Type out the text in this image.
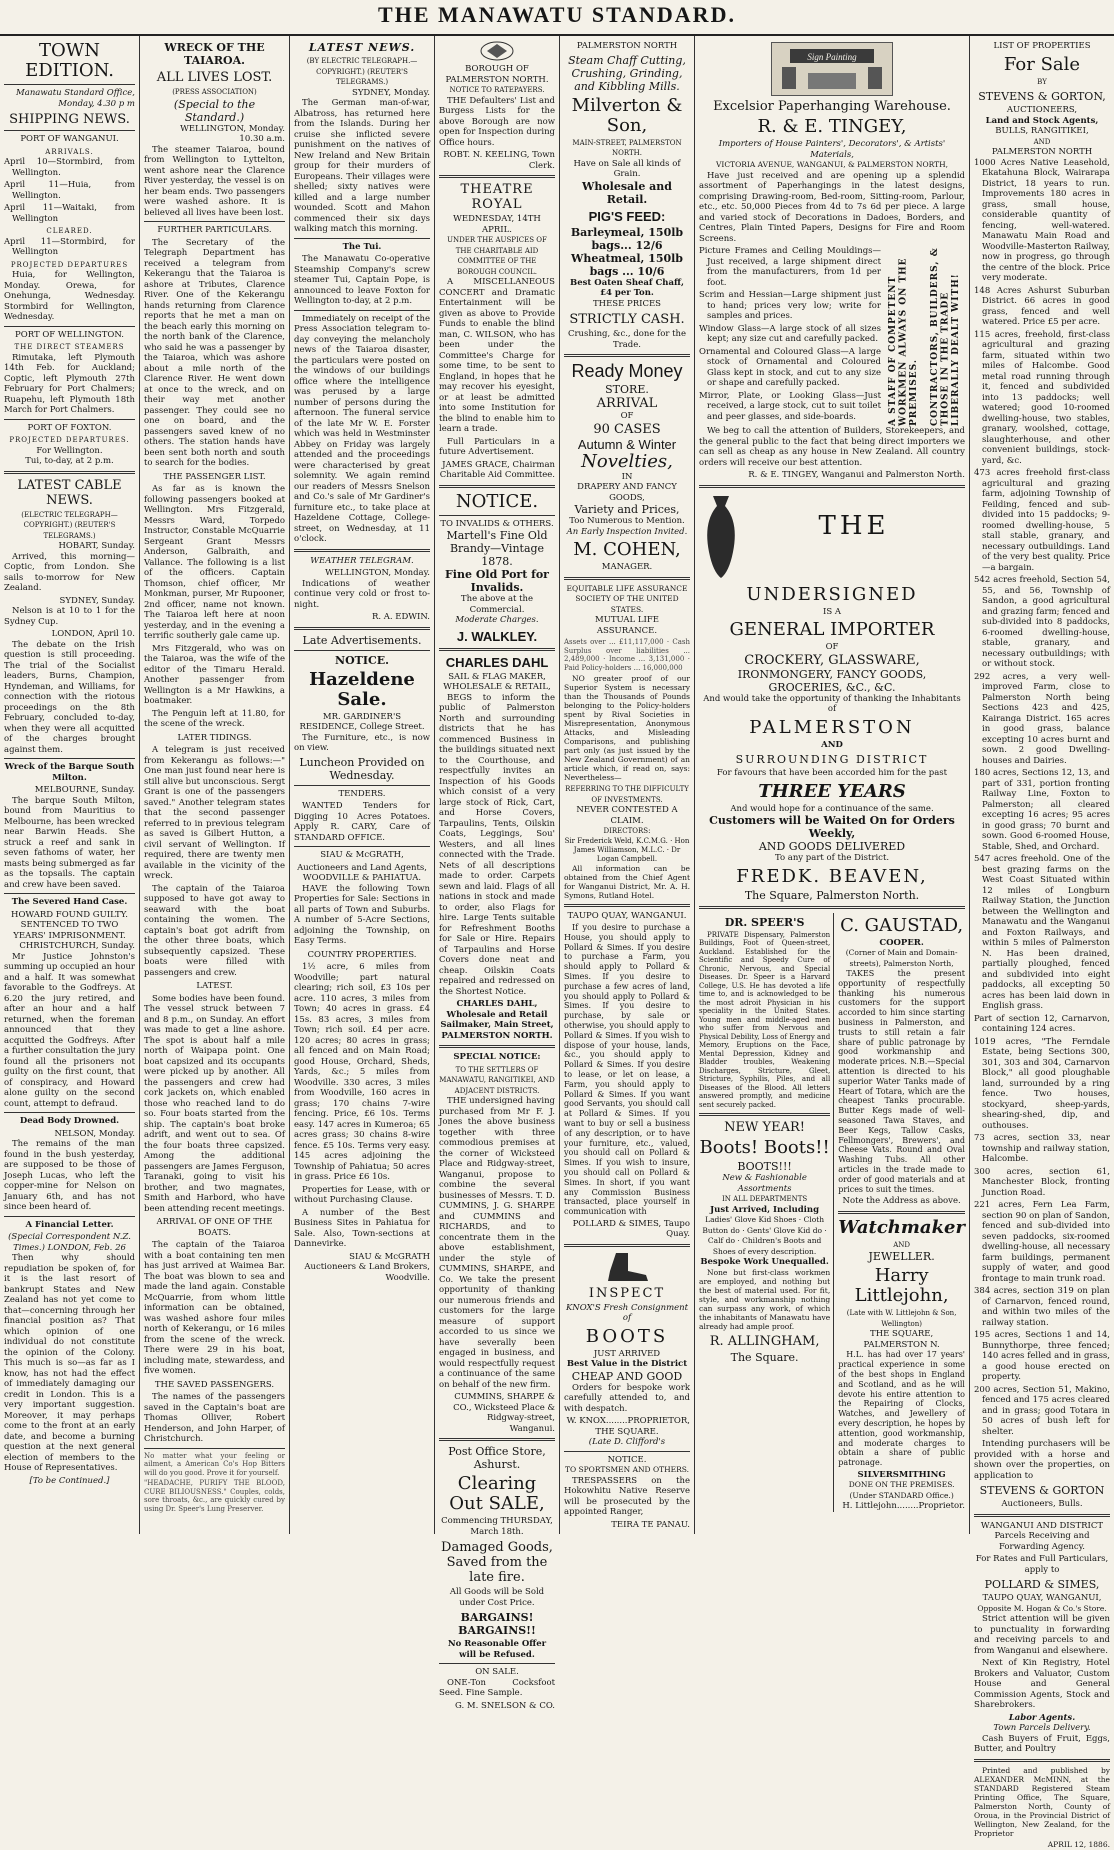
THE MANAWATU STANDARD.
TOWN EDITION.
Manawatu Standard Office,
Monday, 4.30 p m
SHIPPING NEWS.
PORT OF WANGANUI.
ARRIVALS.
April 10—Stormbird, from Wellington.
April 11—Huia, from Wellington.
April 11—Waitaki, from Wellington
CLEARED.
April 11—Stormbird, for Wellington
PROJECTED DEPARTURES
Huia, for Wellington, Monday. Orewa, for Onehunga, Wednesday. Stormbird for Wellington, Wednesday.
PORT OF WELLINGTON.
THE DIRECT STEAMERS
Rimutaka, left Plymouth 14th Feb. for Auckland; Coptic, left Plymouth 27th February for Port Chalmers; Ruapehu, left Plymouth 18th March for Port Chalmers.
PORT OF FOXTON.
PROJECTED DEPARTURES.
For Wellington.
Tui, to-day, at 2 p.m.
LATEST CABLE NEWS.
(ELECTRIC TELEGRAPH—COPYRIGHT.) (REUTER'S TELEGRAMS.)
HOBART, Sunday.
Arrived, this morning—Coptic, from London. She sails to-morrow for New Zealand.
SYDNEY, Sunday.
Nelson is at 10 to 1 for the Sydney Cup.
LONDON, April 10.
The debate on the Irish question is still proceeding. The trial of the Socialist leaders, Burns, Champion, Hyndeman, and Williams, for connection with the riotous proceedings on the 8th February, concluded to-day, when they were all acquitted of the charges brought against them.
Wreck of the Barque South Milton.
MELBOURNE, Sunday.
The barque South Milton, bound from Mauritius to Melbourne, has been wrecked near Barwin Heads. She struck a reef and sank in seven fathoms of water, her masts being submerged as far as the topsails. The captain and crew have been saved.
The Severed Hand Case.
HOWARD FOUND GUILTY.
SENTENCED TO TWO YEARS' IMPRISONMENT.
CHRISTCHURCH, Sunday.
Mr Justice Johnston's summing up occupied an hour and a half. It was somewhat favorable to the Godfreys. At 6.20 the jury retired, and after an hour and a half returned, when the foreman announced that they acquitted the Godfreys. After a further consultation the jury found all the prisoners not guilty on the first count, that of conspiracy, and Howard alone guilty on the second count, attempt to defraud.
Dead Body Drowned.
NELSON, Monday.
The remains of the man found in the bush yesterday, are supposed to be those of Joseph Lucas, who left the copper-mine for Nelson on January 6th, and has not since been heard of.
A Financial Letter.
(Special Correspondent N.Z. Times.) LONDON, Feb. 26
Then why should repudiation be spoken of, for it is the last resort of bankrupt States and New Zealand has not yet come to that—concerning through her financial position as? That which opinion of one individual do not constitute the opinion of the Colony. This much is so—as far as I know, has not had the effect of immediately damaging our credit in London. This is a very important suggestion. Moreover, it may perhaps come to the front at an early date, and become a burning question at the next general election of members to the House of Representatives.
[To be Continued.]
WRECK OF THE TAIAROA.
ALL LIVES LOST.
(PRESS ASSOCIATION)
(Special to the Standard.)
WELLINGTON, Monday.
10.30 a.m.
The steamer Taiaroa, bound from Wellington to Lyttelton, went ashore near the Clarence River yesterday, the vessel is on her beam ends. Two passengers were washed ashore. It is believed all lives have been lost.
FURTHER PARTICULARS.
The Secretary of the Telegraph Department has received a telegram from Kekerangu that the Taiaroa is ashore at Tributes, Clarence River. One of the Kekerangu hands returning from Clarence reports that he met a man on the beach early this morning on the north bank of the Clarence, who said he was a passenger by the Taiaroa, which was ashore about a mile north of the Clarence River. He went down at once to the wreck, and on their way met another passenger. They could see no one on board, and the passengers saved knew of no others. The station hands have been sent both north and south to search for the bodies.
THE PASSENGER LIST.
As far as is known the following passengers booked at Wellington. Mrs Fitzgerald, Messrs Ward, Torpedo Instructor, Constable McQuarrie Sergeant Grant Messrs Anderson, Galbraith, and Vallance. The following is a list of the officers. Captain Thomson, chief officer, Mr Monkman, purser, Mr Rupooner, 2nd officer, name not known. The Taiaroa left here at noon yesterday, and in the evening a terrific southerly gale came up.
Mrs Fitzgerald, who was on the Taiaroa, was the wife of the editor of the Timaru Herald. Another passenger from Wellington is a Mr Hawkins, a boatmaker.
The Penguin left at 11.80, for the scene of the wreck.
LATER TIDINGS.
A telegram is just received from Kekerangu as follows:—" One man just found near here is still alive but unconscious. Sergt Grant is one of the passengers saved." Another telegram states that the second passenger referred to in previous telegram as saved is Gilbert Hutton, a civil servant of Wellington. If required, there are twenty men available in the vicinity of the wreck.
The captain of the Taiaroa supposed to have got away to seaward with the boat containing the women. The captain's boat got adrift from the other three boats, which subsequently capsized. These boats were filled with passengers and crew.
LATEST.
Some bodies have been found. The vessel struck between 7 and 8 p.m., on Sunday. An effort was made to get a line ashore. The spot is about half a mile north of Waipapa point. One boat capsized and its occupants were picked up by another. All the passengers and crew had cork jackets on, which enabled those who reached land to do so. Four boats started from the ship. The captain's boat broke adrift, and went out to sea. Of the four boats three capsized. Among the additional passengers are James Ferguson, Taranaki, going to visit his brother, and two magnates, Smith and Harbord, who have been attending recent meetings.
ARRIVAL OF ONE OF THE BOATS.
The captain of the Taiaroa with a boat containing ten men has just arrived at Waimea Bar. The boat was blown to sea and made the land again. Constable McQuarrie, from whom little information can be obtained, was washed ashore four miles north of Kekerangu, or 16 miles from the scene of the wreck. There were 29 in his boat, including mate, stewardess, and five women.
THE SAVED PASSENGERS.
The names of the passengers saved in the Captain's boat are Thomas Olliver, Robert Henderson, and John Harper, of Christchurch.
No matter what your feeling or ailment, a American Co's Hop Bitters will do you good. Prove it for yourself.
"HEADACHE, PURIFY THE BLOOD, CURE BILIOUSNESS." Couples, colds, sore throats, &c., are quickly cured by using Dr. Speer's Lung Preserver.
LATEST NEWS.
(BY ELECTRIC TELEGRAPH.—COPYRIGHT.) (REUTER'S TELEGRAMS.)
SYDNEY, Monday.
The German man-of-war, Albatross, has returned here from the Islands. During her cruise she inflicted severe punishment on the natives of New Ireland and New Britain group for their murders of Europeans. Their villages were shelled; sixty natives were killed and a large number wounded. Scott and Mahon commenced their six days walking match this morning.
The Tui.
The Manawatu Co-operative Steamship Company's screw steamer Tui, Captain Pope, is announced to leave Foxton for Wellington to-day, at 2 p.m.
Immediately on receipt of the Press Association telegram to-day conveying the melancholy news of the Taiaroa disaster, the particulars were posted on the windows of our buildings office where the intelligence was perused by a large number of persons during the afternoon. The funeral service of the late Mr W. E. Forster which was held in Westminster Abbey on Friday was largely attended and the proceedings were characterised by great solemnity. We again remind our readers of Messrs Snelson and Co.'s sale of Mr Gardiner's furniture etc., to take place at Hazeldene Cottage, College-street, on Wednesday, at 11 o'clock.
WEATHER TELEGRAM.
WELLINGTON, Monday.
Indications of weather continue very cold or frost to-night.
R. A. EDWIN.
Late Advertisements.
NOTICE.
Hazeldene Sale.
MR. GARDINER'S RESIDENCE, College Street.
The Furniture, etc., is now on view.
Luncheon Provided on Wednesday.
TENDERS.
WANTED Tenders for Digging 10 Acres Potatoes. Apply R. CARY, Care of STANDARD OFFICE.
SIAU & McGRATH,
Auctioneers and Land Agents, WOODVILLE & PAHIATUA.
HAVE the following Town Properties for Sale: Sections in all parts of Town and Suburbs. A number of 5-Acre Sections, adjoining the Township, on Easy Terms.
COUNTRY PROPERTIES.
1½ acre, 6 miles from Woodville; part natural clearing; rich soil, £3 10s per acre. 110 acres, 3 miles from Town; 40 acres in grass. £4 15s. 83 acres, 3 miles from Town; rich soil. £4 per acre. 120 acres; 80 acres in grass; all fenced and on Main Road; good House, Orchard, Sheds, Yards, &c.; 5 miles from Woodville. 330 acres, 3 miles from Woodville, 160 acres in grass; 170 chains 7-wire fencing. Price, £6 10s. Terms easy. 147 acres in Kumeroa; 65 acres grass; 30 chains 8-wire fence. £5 10s. Terms very easy. 145 acres adjoining the Township of Pahiatua; 50 acres in grass. Price £6 10s.
Properties for Lease, with or without Purchasing Clause.
A number of the Best Business Sites in Pahiatua for Sale. Also, Town-sections at Dannevirke.
SIAU & McGRATH
Auctioneers & Land Brokers, Woodville.
BOROUGH OF PALMERSTON NORTH.
NOTICE TO RATEPAYERS.
THE Defaulters' List and Burgess Lists for the above Borough are now open for Inspection during Office hours.
ROBT. N. KEELING, Town Clerk.
THEATRE ROYAL
WEDNESDAY, 14TH APRIL.
UNDER THE AUSPICES OF THE CHARITABLE AID COMMITTEE OF THE BOROUGH COUNCIL.
A MISCELLANEOUS CONCERT and Dramatic Entertainment will be given as above to Provide Funds to enable the blind man, C. WILSON, who has been under the Committee's Charge for some time, to be sent to England, in hopes that he may recover his eyesight, or at least be admitted into some Institution for the blind to enable him to learn a trade.
Full Particulars in a future Advertisement.
JAMES GRACE, Chairman Charitable Aid Committee.
NOTICE.
TO INVALIDS & OTHERS.
Martell's Fine Old Brandy—Vintage 1878.
Fine Old Port for Invalids.
The above at the Commercial.
Moderate Charges.
J. WALKLEY.
CHARLES DAHL
SAIL & FLAG MAKER, WHOLESALE & RETAIL,
BEGS to inform the public of Palmerston North and surrounding districts that he has commenced Business in the buildings situated next to the Courthouse, and respectfully invites an Inspection of his Goods which consist of a very large stock of Rick, Cart, and Horse Covers, Tarpaulins, Tents, Oilskin Coats, Leggings, Sou' Westers, and all lines connected with the Trade. Nets of all descriptions made to order. Carpets sewn and laid. Flags of all nations in stock and made to order, also Flags for hire. Large Tents suitable for Refreshment Booths for Sale or Hire. Repairs of Tarpaulins and Horse Covers done neat and cheap. Oilskin Coats repaired and redressed on the Shortest Notice.
CHARLES DAHL, Wholesale and Retail Sailmaker, Main Street, PALMERSTON NORTH.
SPECIAL NOTICE:
TO THE SETTLERS OF MANAWATU, RANGITIKEI, AND ADJACENT DISTRICTS.
THE undersigned having purchased from Mr F. J. Jones the above business together with three commodious premises at the corner of Wicksteed Place and Ridgway-street, Wanganui, propose to combine the several businesses of Messrs. T. D. CUMMINS, J. G. SHARPE and CUMMINS and RICHARDS, and to concentrate them in the above establishment, under the style of CUMMINS, SHARPE, and Co. We take the present opportunity of thanking our numerous friends and customers for the large measure of support accorded to us since we have severally been engaged in business, and would respectfully request a continuance of the same on behalf of the new firm.
CUMMINS, SHARPE & CO., Wicksteed Place & Ridgway-street, Wanganui.
Post Office Store, Ashurst.
Clearing Out SALE,
Commencing THURSDAY, March 18th.
Damaged Goods, Saved from the late fire.
All Goods will be Sold under Cost Price.
BARGAINS! BARGAINS!!
No Reasonable Offer will be Refused.
ON SALE.
ONE-Ton Cocksfoot Seed. Fine Sample.
G. M. SNELSON & CO.
PALMERSTON NORTH
Steam Chaff Cutting, Crushing, Grinding, and Kibbling Mills.
Milverton & Son,
MAIN-STREET, PALMERSTON NORTH.
Have on Sale all kinds of Grain.
Wholesale and Retail.
PIG'S FEED:
Barleymeal, 150lb bags... 12/6
Wheatmeal, 150lb bags ... 10/6
Best Oaten Sheaf Chaff, £4 per Ton.
THESE PRICES
STRICTLY CASH.
Crushing, &c., done for the Trade.
Ready Money
STORE.
ARRIVAL
OF
90 CASES
Autumn & Winter
Novelties,
IN
DRAPERY AND FANCY GOODS,
Variety and Prices,
Too Numerous to Mention.
An Early Inspection Invited.
M. COHEN,
MANAGER.
EQUITABLE LIFE ASSURANCE SOCIETY OF THE UNITED STATES.
MUTUAL LIFE ASSURANCE.
Assets over ... £11,117,000 · Cash Surplus over liabilities ... 2,489,000 · Income ... 3,131,000 · Paid Policy-holders ... 16,000,000
NO greater proof of our Superior System is necessary than the Thousands of Pounds belonging to the Policy-holders spent by Rival Societies in Misrepresentation, Anonymous Attacks, and Misleading Comparisons, and publishing part only (as just issued by the New Zealand Government) of an article which, if read on, says: Nevertheless—
REFERRING TO THE DIFFICULTY OF INVESTMENTS.
NEVER CONTESTED A CLAIM.
DIRECTORS:
Sir Frederick Weld, K.C.M.G. · Hon James Williamson, M.L.C. · Dr Logan Campbell.
All information can be obtained from the Chief Agent for Wanganui District, Mr. A. H. Symons, Rutland Hotel.
TAUPO QUAY, WANGANUI.
If you desire to purchase a House, you should apply to Pollard & Simes. If you desire to purchase a Farm, you should apply to Pollard & Simes. If you desire to purchase a few acres of land, you should apply to Pollard & Simes. If you desire to purchase, by sale or otherwise, you should apply to Pollard & Simes. If you wish to dispose of your house, lands, &c., you should apply to Pollard & Simes. If you desire to lease, or let on lease, a Farm, you should apply to Pollard & Simes. If you want good Servants, you should call at Pollard & Simes. If you want to buy or sell a business of any description, or to have your furniture, etc., valued, you should call on Pollard & Simes. If you wish to insure, you should call on Pollard & Simes. In short, if you want any Commission Business transacted, place yourself in communication with
POLLARD & SIMES, Taupo Quay.
INSPECT
KNOX'S Fresh Consignment of
BOOTS
JUST ARRIVED
Best Value in the District
CHEAP AND GOOD
Orders for bespoke work carefully attended to, and with despatch.
W. KNOX........PROPRIETOR,
THE SQUARE.
(Late D. Clifford's
NOTICE.
TO SPORTSMEN AND OTHERS.
TRESPASSERS on the Hokowhitu Native Reserve will be prosecuted by the appointed Ranger,
TEIRA TE PANAU.
Sign Painting
Excelsior Paperhanging Warehouse.
R. & E. TINGEY,
Importers of House Painters', Decorators', & Artists' Materials,
VICTORIA AVENUE, WANGANUI, & PALMERSTON NORTH,
Have just received and are opening up a splendid assortment of Paperhangings in the latest designs, comprising Drawing-room, Bed-room, Sitting-room, Parlour, etc., etc. 50,000 Pieces from 4d to 7s 6d per piece. A large and varied stock of Decorations in Dadoes, Borders, and Centres, Plain Tinted Papers, Designs for Fire and Room Screens.
Picture Frames and Ceiling Mouldings—Just received, a large shipment direct from the manufacturers, from 1d per foot.
Scrim and Hessian—Large shipment just to hand; prices very low; write for samples and prices.
Window Glass—A large stock of all sizes kept; any size cut and carefully packed.
Ornamental and Coloured Glass—A large stock of Ornamental and Coloured Glass kept in stock, and cut to any size or shape and carefully packed.
Mirror, Plate, or Looking Glass—Just received, a large stock, cut to suit toilet and peer glasses, and side-boards.	A STAFF OF COMPETENT WORKMEN ALWAYS ON THE PREMISES. CONTRACTORS, BUILDERS, & THOSE IN THE TRADE LIBERALLY DEALT WITH!
We beg to call the attention of Builders, Storekeepers, and the general public to the fact that being direct importers we can sell as cheap as any house in New Zealand. All country orders will receive our best attention.
R. & E. TINGEY, Wanganui and Palmerston North.
THE
UNDERSIGNED
IS A
GENERAL IMPORTER
OF
CROCKERY, GLASSWARE,
IRONMONGERY, FANCY GOODS,
GROCERIES, &C., &C.
And would take the opportunity of thanking the Inhabitants of
PALMERSTON
AND
SURROUNDING DISTRICT
For favours that have been accorded him for the past
THREE YEARS
And would hope for a continuance of the same.
Customers will be Waited On for Orders Weekly,
AND GOODS DELIVERED
To any part of the District.
FREDK. BEAVEN,
The Square, Palmerston North.
DR. SPEER'S
PRIVATE Dispensary, Palmerston Buildings, Foot of Queen-street, Auckland. Established for the Scientific and Speedy Cure of Chronic, Nervous, and Special Diseases. Dr. Speer is a Harvard College, U.S. He has devoted a life time to, and is acknowledged to be the most adroit Physician in his speciality in the United States. Young men and middle-aged men who suffer from Nervous and Physical Debility, Loss of Energy and Memory, Eruptions on the Face, Mental Depression, Kidney and Bladder troubles, Weakening Discharges, Stricture, Gleet, Stricture, Syphilis, Piles, and all Diseases of the Blood. All letters answered promptly, and medicine sent securely packed.
NEW YEAR!
Boots! Boots!!
BOOTS!!!
New & Fashionable Assortments
IN ALL DEPARTMENTS
Just Arrived, Including
Ladies' Glove Kid Shoes · Cloth Button do · Gents' Glove Kid do · Calf do · Children's Boots and Shoes of every description.
Bespoke Work Unequalled.
None but first-class workmen are employed, and nothing but the best of material used. For fit, style, and workmanship nothing can surpass any work, of which the inhabitants of Manawatu have already had ample proof.
R. ALLINGHAM,
The Square.
C. GAUSTAD,
COOPER.
(Corner of Main and Domain-streets), Palmerston North,
TAKES the present opportunity of respectfully thanking his numerous customers for the support accorded to him since starting business in Palmerston, and trusts to still retain a fair share of public patronage by good workmanship and moderate prices. N.B.—Special attention is directed to his superior Water Tanks made of Heart of Totara, which are the cheapest Tanks procurable. Butter Kegs made of well-seasoned Tawa Staves, and Beer Kegs, Tallow Casks, Fellmongers', Brewers', and Cheese Vats. Round and Oval Washing Tubs. All other articles in the trade made to order of good materials and at prices to suit the times.
Note the Address as above.
Watchmaker
AND
JEWELLER.
Harry Littlejohn,
(Late with W. Littlejohn & Son, Wellington)
THE SQUARE, PALMERSTON N.
H.L. has had over 17 years' practical experience in some of the best shops in England and Scotland, and as he will devote his entire attention to the Repairing of Clocks, Watches, and Jewellery of every description, he hopes by attention, good workmanship, and moderate charges to obtain a share of public patronage.
SILVERSMITHING
DONE ON THE PREMISES.
(Under STANDARD Office.)
H. Littlejohn........Proprietor.
LIST OF PROPERTIES
For Sale
BY
STEVENS & GORTON,
AUCTIONEERS,
Land and Stock Agents,
BULLS, RANGITIKEI,
AND
PALMERSTON NORTH
1000 Acres Native Leasehold, Ekatahuna Block, Wairarapa District, 18 years to run. Improvements 180 acres in grass, small house, considerable quantity of fencing, well-watered. Manawatu Main Road and Woodville-Masterton Railway, now in progress, go through the centre of the block. Price very moderate.
148 Acres Ashurst Suburban District. 66 acres in good grass, fenced and well watered. Price £5 per acre.
115 acres, freehold, first-class agricultural and grazing farm, situated within two miles of Halcombe. Good metal road running through it, fenced and subdivided into 13 paddocks; well watered; good 10-roomed dwelling-house, two stables, granary, woolshed, cottage, slaughterhouse, and other convenient buildings, stock-yard, &c.
473 acres freehold first-class agricultural and grazing farm, adjoining Township of Feilding, fenced and sub-divided into 15 paddocks; 9-roomed dwelling-house, 5 stall stable, granary, and necessary outbuildings. Land of the very best quality. Price—a bargain.
542 acres freehold, Section 54, 55, and 56, Township of Sandon, a good agricultural and grazing farm; fenced and sub-divided into 8 paddocks, 6-roomed dwelling-house, stable, granary, and necessary outbuildings; with or without stock.
292 acres, a very well-improved Farm, close to Palmerston North being Sections 423 and 425, Kairanga District. 165 acres in good grass, balance excepting 10 acres burnt and sown. 2 good Dwelling-houses and Dairies.
180 acres, Sections 12, 13, and part of 331, portion fronting Railway Line, Foxton to Palmerston; all cleared excepting 16 acres; 95 acres in good grass; 70 burnt and sown. Good 6-roomed House, Stable, Shed, and Orchard.
547 acres freehold. One of the best grazing farms on the West Coast Situated within 12 miles of Longburn Railway Station, the Junction between the Wellington and Manawatu and the Wanganui and Foxton Railways, and within 5 miles of Palmerston N. Has been drained, partially ploughed, fenced and subdivided into eight paddocks, all excepting 50 acres has been laid down in English grass.
Part of section 12, Carnarvon, containing 124 acres.
1019 acres, "The Ferndale Estate, being Sections 300, 301, 303 and 304, Carnarvon Block," all good ploughable land, surrounded by a ring fence. Two houses, stockyard, sheep-yards, shearing-shed, dip, and outhouses.
73 acres, section 33, near township and railway station, Halcombe.
300 acres, section 61, Manchester Block, fronting Junction Road.
221 acres, Fern Lea Farm, section 90 on plan of Sandon, fenced and sub-divided into seven paddocks, six-roomed dwelling-house, all necessary farm buildings, permanent supply of water, and good frontage to main trunk road.
384 acres, section 319 on plan of Carnarvon, fenced round, and within two miles of the railway station.
195 acres, Sections 1 and 14, Bunnythorpe, three fenced; 140 acres felled and in grass, a good house erected on property.
200 acres, Section 51, Makino, fenced and 175 acres cleared and in grass; good Totara in 50 acres of bush left for shelter.
Intending purchasers will be provided with a horse and shown over the properties, on application to
STEVENS & GORTON
Auctioneers, Bulls.
WANGANUI AND DISTRICT Parcels Receiving and Forwarding Agency.
For Rates and Full Particulars, apply to
POLLARD & SIMES,
TAUPO QUAY, WANGANUI,
Opposite M. Hogan & Co.'s Store.
Strict attention will be given to punctuality in forwarding and receiving parcels to and from Wanganui and elsewhere.
Next of Kin Registry, Hotel Brokers and Valuator, Custom House and General Commission Agents, Stock and Sharebrokers.
Labor Agents.
Town Parcels Delivery.
Cash Buyers of Fruit, Eggs, Butter, and Poultry
Printed and published by ALEXANDER McMINN, at the STANDARD Registered Steam Printing Office, The Square, Palmerston North, County of Oroua, in the Provincial District of Wellington, New Zealand, for the Proprietor
APRIL 12, 1886.
